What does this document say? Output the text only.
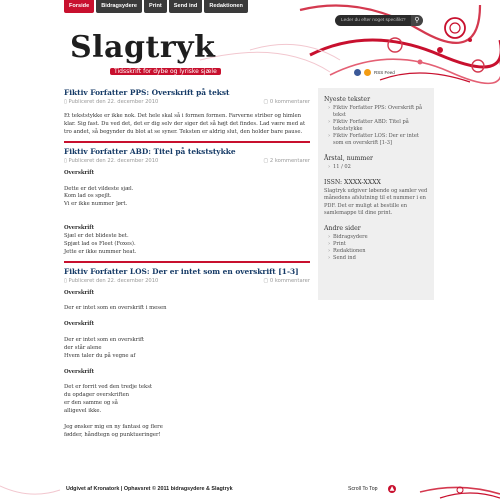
Slagtryk
Tidsskrift for dybe og lyriske sjæle
Leder du efter noget specifikt?	⚲
RSS Feed
Forside	Bidragsydere	Print	Send ind	Redaktionen
Fiktiv Forfatter PPS: Overskrift på tekst
▯ Publiceret den 22. december 2010	▢ 0 kommentarer

Et tekststykke er ikke nok. Det hele skal så i formen formen. Farverne striber og himlen klar. Sig fast. Du ved det, det er dig selv der siger det så højt det findes. Lad være med at tro andet, så begynder du blot at se syner. Teksten er aldrig slut, den holder bare pause.

Fiktiv Forfatter ABD: Titel på tekststykke
▯ Publiceret den 22. december 2010	▢ 2 kommentarer

Overskrift

Dette er det vildeste sjæl.

Kom lad os spejlt.

Vi er ikke nummer ]ørt.

Overskrift

Sjæl er det blideste bet.

Spjæt lad os Fleet (Foxes).

Jette er ikke nummer heat.

Fiktiv Forfatter LOS: Der er intet som en overskrift [1-3]
▯ Publiceret den 22. december 2010	▢ 0 kommentarer

Overskrift

Der er intet som en overskrift i mesen

Overskrift

Der er intet som en overskrift

der står alene

Hvem taler du på vegne af

Overskrift

Det er forrit ved den tredje tekst

du opdager overskriften

er den samme og så

alligevel ikke.

Jeg ønsker mig en ny fantasi og flere

fødder, håndtegn og punktueringer!

Nyeste tekster
› Fiktiv Forfatter PPS: Overskrift på tekst
› Fiktiv Forfatter ABD: Titel på tekststykke
› Fiktiv Forfatter LOS: Der er intet som en overskrift [1-3]
Årstal, nummer
› 11 / 02
ISSN: XXXX-XXXX
Slagtryk udgiver løbende og samler ved månedens afslutning til et nummer i en PDF. Det er muligt at bestille en samlemappe til dine print.
Andre sider
› Bidragsydere
› Print
› Redaktionen
› Send ind
Udgivet af Kronatork | Ophavsret © 2011 bidragsydere & Slagtryk	Scroll To Top ▲
